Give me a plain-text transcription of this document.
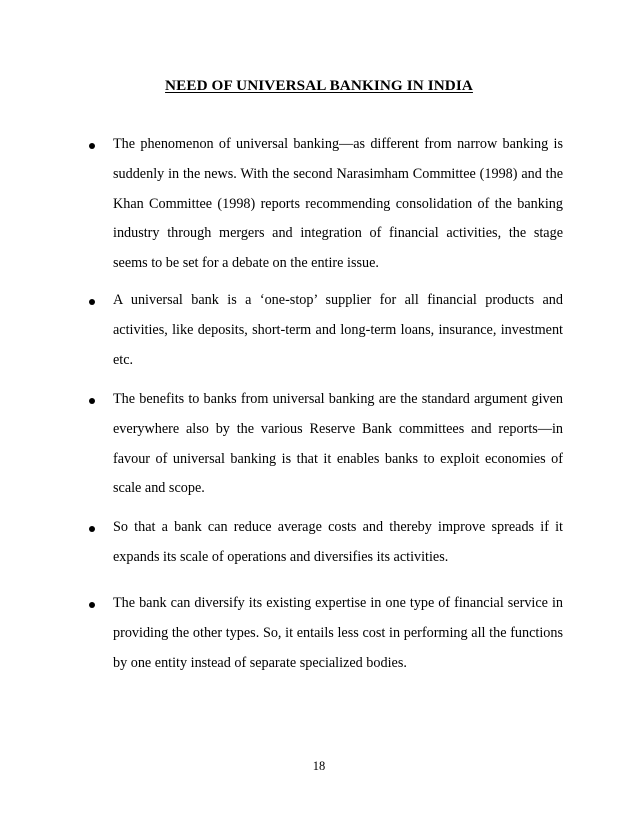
NEED OF UNIVERSAL BANKING IN INDIA

The phenomenon of universal banking—as different from narrow banking is suddenly in the news. With the second Narasimham Committee (1998) and the Khan Committee (1998) reports recommending consolidation of the banking industry through mergers and integration of financial activities, the stage seems to be set for a debate on the entire issue.

A universal bank is a ‘one-stop’ supplier for all financial products and activities, like deposits, short-term and long-term loans, insurance, investment etc.

The benefits to banks from universal banking are the standard argument given everywhere also by the various Reserve Bank committees and reports—in favour of universal banking is that it enables banks to exploit economies of scale and scope.

So that a bank can reduce average costs and thereby improve spreads if it expands its scale of operations and diversifies its activities.

The bank can diversify its existing expertise in one type of financial service in providing the other types. So, it entails less cost in performing all the functions by one entity instead of separate specialized bodies.

18
